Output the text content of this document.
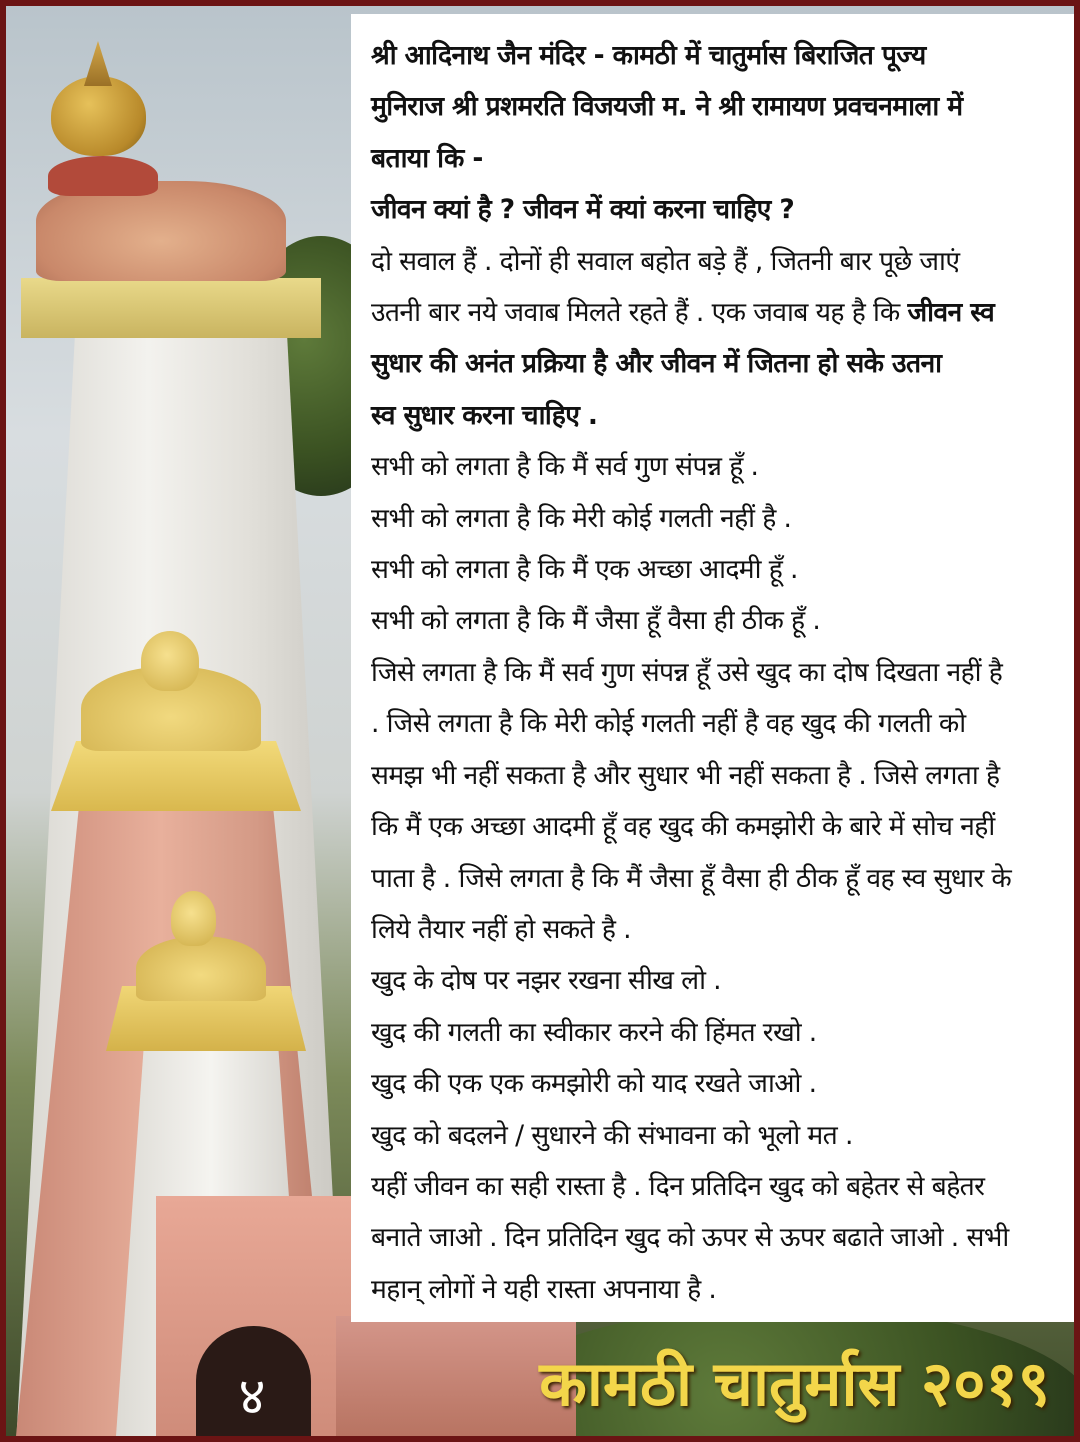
श्री आदिनाथ जैन मंदिर - कामठी में चातुर्मास बिराजित पूज्य
मुनिराज श्री प्रशमरति विजयजी म. ने श्री रामायण प्रवचनमाला में
बताया कि -
जीवन क्यां है ? जीवन में क्यां करना चाहिए ?
दो सवाल हैं . दोनों ही सवाल बहोत बड़े हैं , जितनी बार पूछे जाएं
उतनी बार नये जवाब मिलते रहते हैं . एक जवाब यह है कि जीवन स्व
सुधार की अनंत प्रक्रिया है और जीवन में जितना हो सके उतना
स्व सुधार करना चाहिए .
सभी को लगता है कि मैं सर्व गुण संपन्न हूँ .
सभी को लगता है कि मेरी कोई गलती नहीं है .
सभी को लगता है कि मैं एक अच्छा आदमी हूँ .
सभी को लगता है कि मैं जैसा हूँ वैसा ही ठीक हूँ .
जिसे लगता है कि मैं सर्व गुण संपन्न हूँ उसे खुद का दोष दिखता नहीं है
. जिसे लगता है कि मेरी कोई गलती नहीं है वह खुद की गलती को
समझ भी नहीं सकता है और सुधार भी नहीं सकता है . जिसे लगता है
कि मैं एक अच्छा आदमी हूँ वह खुद की कमझोरी के बारे में सोच नहीं
पाता है . जिसे लगता है कि मैं जैसा हूँ वैसा ही ठीक हूँ वह स्व सुधार के
लिये तैयार नहीं हो सकते है .
खुद के दोष पर नझर रखना सीख लो .
खुद की गलती का स्वीकार करने की हिंमत रखो .
खुद की एक एक कमझोरी को याद रखते जाओ .
खुद को बदलने / सुधारने की संभावना को भूलो मत .
यहीं जीवन का सही रास्ता है . दिन प्रतिदिन खुद को बहेतर से बहेतर
बनाते जाओ . दिन प्रतिदिन खुद को ऊपर से ऊपर बढाते जाओ . सभी
महान् लोगों ने यही रास्ता अपनाया है .
४	कामठी चातुर्मास २०१९
